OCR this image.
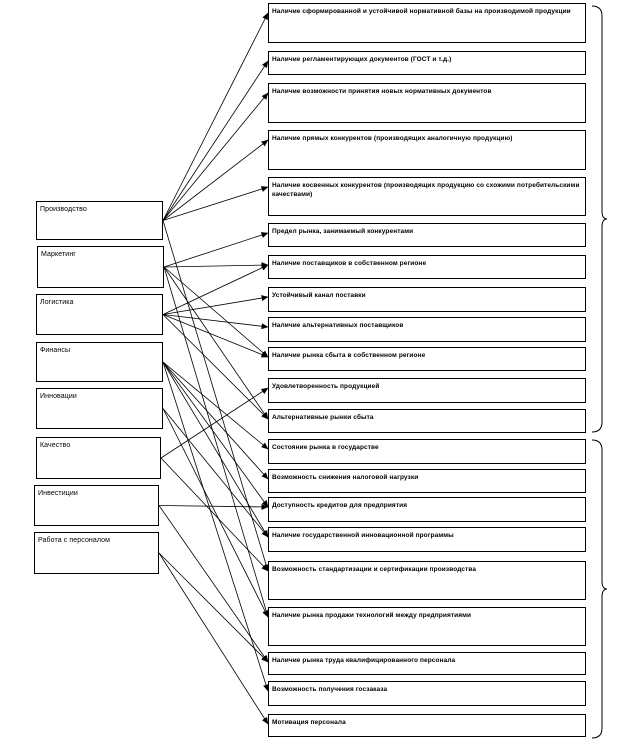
Производство
Маркетинг
Логистика
Финансы
Инновации
Качество
Инвестиции
Работа с персоналом
Наличие сформированной и устойчивой нормативной базы на производимой продукции
Наличие регламентирующих документов (ГОСТ и т.д.)
Наличие возможности принятия новых нормативных документов
Наличие прямых конкурентов (производящих аналогичную продукцию)
Наличие косвенных конкурентов (производящих продукцию со схожими потребительскими качествами)
Предел рынка, занимаемый конкурентами
Наличие поставщиков в собственном регионе
Устойчивый канал поставки
Наличие альтернативных поставщиков
Наличие рынка сбыта в собственном регионе
Удовлетворенность продукцией
Альтернативные рынки сбыта
Состояние рынка в государстве
Возможность снижения налоговой нагрузки
Доступность кредитов для предприятия
Наличие государственной инновационной программы
Возможность стандартизации и сертификации производства
Наличие рынка продажи технологий между предприятиями
Наличие рынка труда квалифицированного персонала
Возможность получения госзаказа
Мотивация персонала
